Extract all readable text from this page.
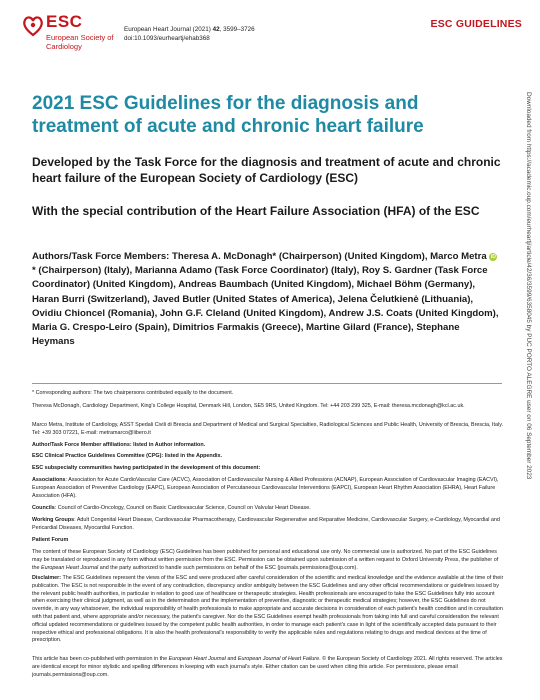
ESC
European Society of Cardiology
European Heart Journal (2021) 42, 3599–3726
doi:10.1093/eurheartj/ehab368
ESC GUIDELINES
2021 ESC Guidelines for the diagnosis and treatment of acute and chronic heart failure
Developed by the Task Force for the diagnosis and treatment of acute and chronic heart failure of the European Society of Cardiology (ESC)
With the special contribution of the Heart Failure Association (HFA) of the ESC
Authors/Task Force Members: Theresa A. McDonagh* (Chairperson) (United Kingdom), Marco Metra iD * (Chairperson) (Italy), Marianna Adamo (Task Force Coordinator) (Italy), Roy S. Gardner (Task Force Coordinator) (United Kingdom), Andreas Baumbach (United Kingdom), Michael Böhm (Germany), Haran Burri (Switzerland), Javed Butler (United States of America), Jelena Čelutkienė (Lithuania), Ovidiu Chioncel (Romania), John G.F. Cleland (United Kingdom), Andrew J.S. Coats (United Kingdom), Maria G. Crespo-Leiro (Spain), Dimitrios Farmakis (Greece), Martine Gilard (France), Stephane Heymans
* Corresponding authors: The two chairpersons contributed equally to the document.
Theresa McDonagh, Cardiology Department, King's College Hospital, Denmark Hill, London, SE5 9RS, United Kingdom. Tel: +44 203 299 325, E-mail: theresa.mcdonagh@kcl.ac.uk.
Marco Metra, Institute of Cardiology, ASST Spedali Civili di Brescia and Department of Medical and Surgical Specialties, Radiological Sciences and Public Health, University of Brescia, Brescia, Italy. Tel: +39 303 07221, E-mail: metramarco@libero.it
Author/Task Force Member affiliations: listed in Author information.
ESC Clinical Practice Guidelines Committee (CPG): listed in the Appendix.
ESC subspecialty communities having participated in the development of this document:
Associations: Association for Acute CardioVascular Care (ACVC), Association of Cardiovascular Nursing & Allied Professions (ACNAP), European Association of Cardiovascular Imaging (EACVI), European Association of Preventive Cardiology (EAPC), European Association of Percutaneous Cardiovascular Interventions (EAPCI), European Heart Rhythm Association (EHRA), Heart Failure Association (HFA).
Councils: Council of Cardio-Oncology, Council on Basic Cardiovascular Science, Council on Valvular Heart Disease.
Working Groups: Adult Congenital Heart Disease, Cardiovascular Pharmacotherapy, Cardiovascular Regenerative and Reparative Medicine, Cardiovascular Surgery, e-Cardiology, Myocardial and Pericardial Diseases, Myocardial Function.
Patient Forum
The content of these European Society of Cardiology (ESC) Guidelines has been published for personal and educational use only. No commercial use is authorized. No part of the ESC Guidelines may be translated or reproduced in any form without written permission from the ESC. Permission can be obtained upon submission of a written request to Oxford University Press, the publisher of the European Heart Journal and the party authorized to handle such permissions on behalf of the ESC (journals.permissions@oup.com).
Disclaimer: The ESC Guidelines represent the views of the ESC and were produced after careful consideration of the scientific and medical knowledge and the evidence available at the time of their publication. The ESC is not responsible in the event of any contradiction, discrepancy and/or ambiguity between the ESC Guidelines and any other official recommendations or guidelines issued by the relevant public health authorities, in particular in relation to good use of healthcare or therapeutic strategies. Health professionals are encouraged to take the ESC Guidelines fully into account when exercising their clinical judgment, as well as in the determination and the implementation of preventive, diagnostic or therapeutic medical strategies; however, the ESC Guidelines do not override, in any way whatsoever, the individual responsibility of health professionals to make appropriate and accurate decisions in consideration of each patient's health condition and in consultation with that patient and, where appropriate and/or necessary, the patient's caregiver. Nor do the ESC Guidelines exempt health professionals from taking into full and careful consideration the relevant official updated recommendations or guidelines issued by the competent public health authorities, in order to manage each patient's case in light of the scientifically accepted data pursuant to their respective ethical and professional obligations. It is also the health professional's responsibility to verify the applicable rules and regulations relating to drugs and medical devices at the time of prescription.
This article has been co-published with permission in the European Heart Journal and European Journal of Heart Failure. © the European Society of Cardiology 2021. All rights reserved. The articles are identical except for minor stylistic and spelling differences in keeping with each journal's style. Either citation can be used when citing this article. For permissions, please email journals.permissions@oup.com.
Downloaded from https://academic.oup.com/eurheartj/article/42/36/3599/6358045 by PUC PORTO ALEGRE user on 06 September 2023
